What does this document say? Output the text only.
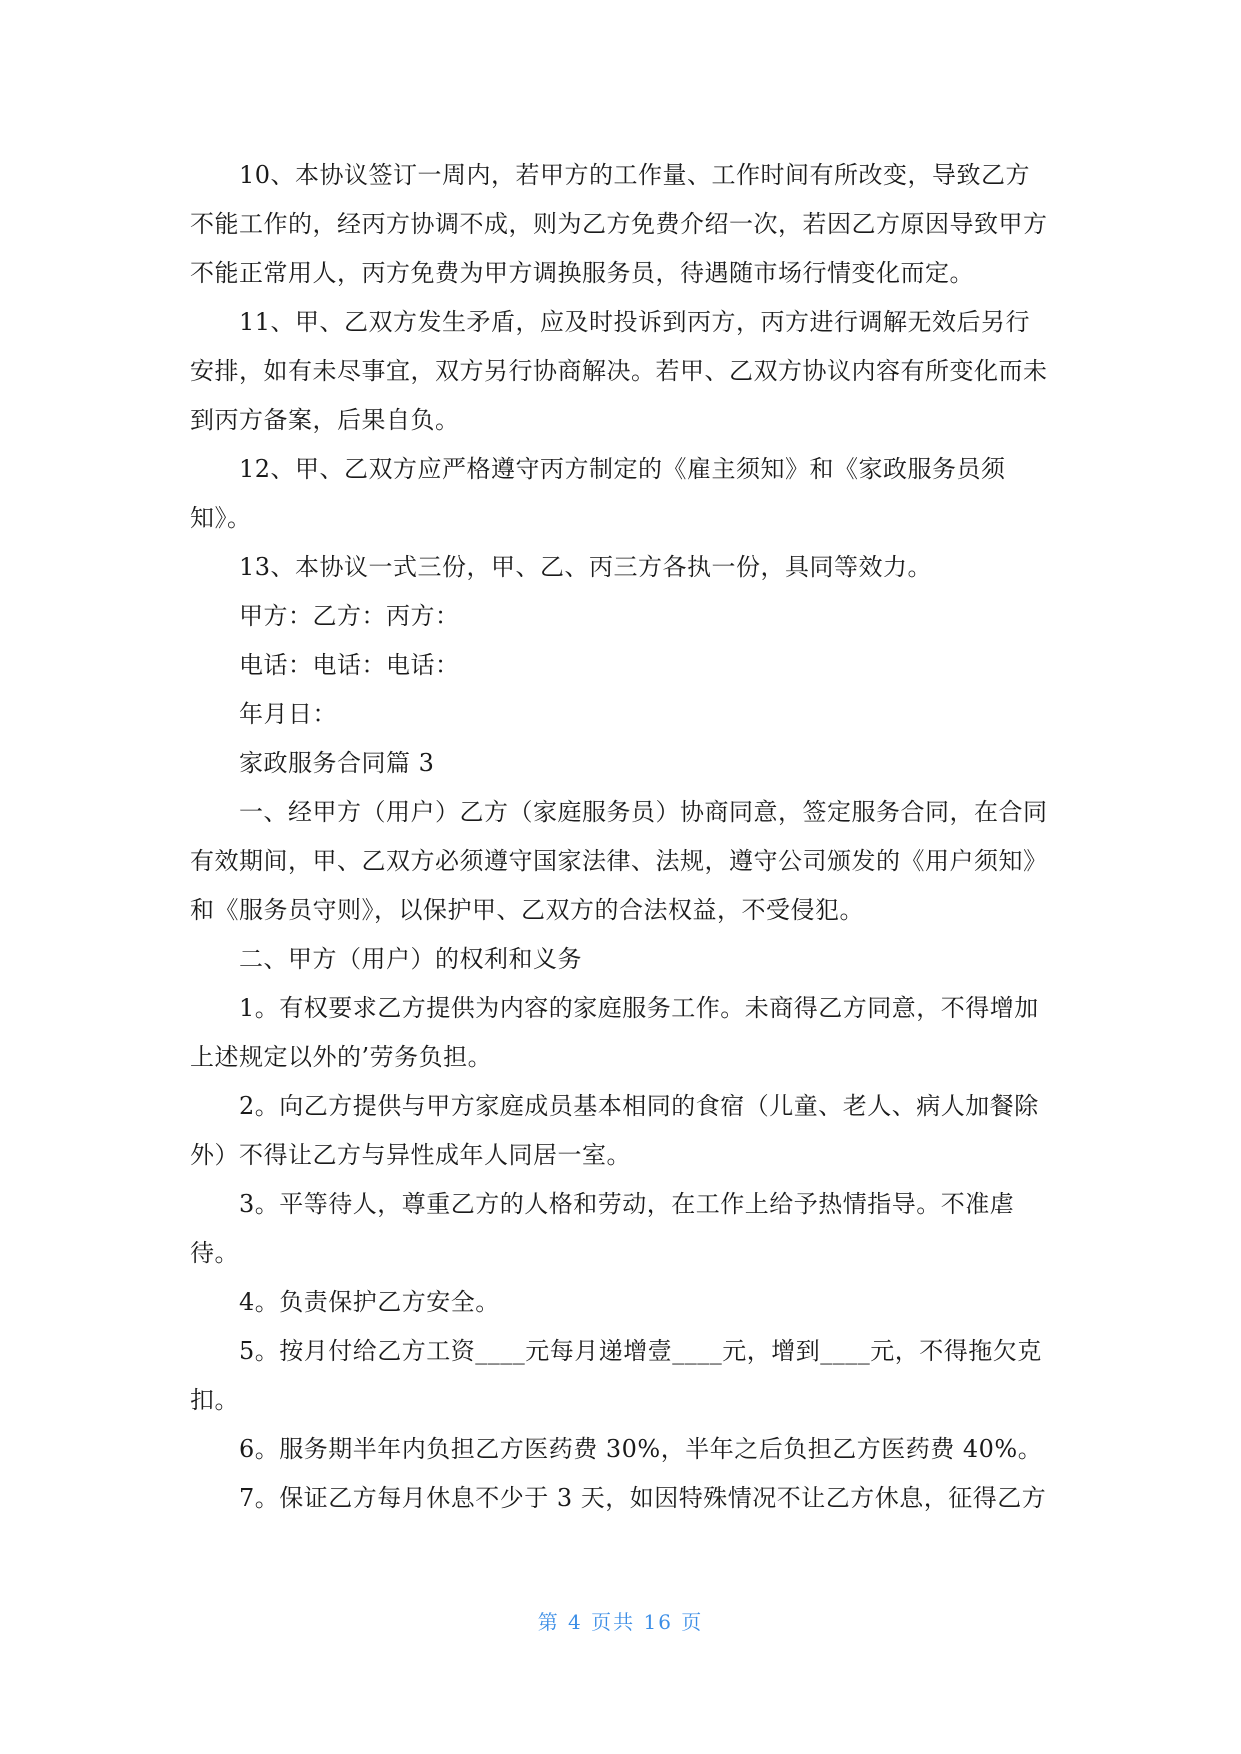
10、本协议签订一周内，若甲方的工作量、工作时间有所改变，导致乙方不能工作的，经丙方协调不成，则为乙方免费介绍一次，若因乙方原因导致甲方不能正常用人，丙方免费为甲方调换服务员，待遇随市场行情变化而定。

11、甲、乙双方发生矛盾，应及时投诉到丙方，丙方进行调解无效后另行安排，如有未尽事宜，双方另行协商解决。若甲、乙双方协议内容有所变化而未到丙方备案，后果自负。

12、甲、乙双方应严格遵守丙方制定的《雇主须知》和《家政服务员须知》。

13、本协议一式三份，甲、乙、丙三方各执一份，具同等效力。

甲方：乙方：丙方：

电话：电话：电话：

年月日：

家政服务合同篇 3

一、经甲方（用户）乙方（家庭服务员）协商同意，签定服务合同，在合同有效期间，甲、乙双方必须遵守国家法律、法规，遵守公司颁发的《用户须知》和《服务员守则》，以保护甲、乙双方的合法权益，不受侵犯。

二、甲方（用户）的权利和义务

1。有权要求乙方提供为内容的家庭服务工作。未商得乙方同意，不得增加上述规定以外的’劳务负担。

2。向乙方提供与甲方家庭成员基本相同的食宿（儿童、老人、病人加餐除外）不得让乙方与异性成年人同居一室。

3。平等待人，尊重乙方的人格和劳动，在工作上给予热情指导。不准虐待。

4。负责保护乙方安全。

5。按月付给乙方工资____元每月递增壹____元，增到____元，不得拖欠克扣。

6。服务期半年内负担乙方医药费 30%，半年之后负担乙方医药费 40%。

7。保证乙方每月休息不少于 3 天，如因特殊情况不让乙方休息，征得乙方

第 4 页共 16 页
